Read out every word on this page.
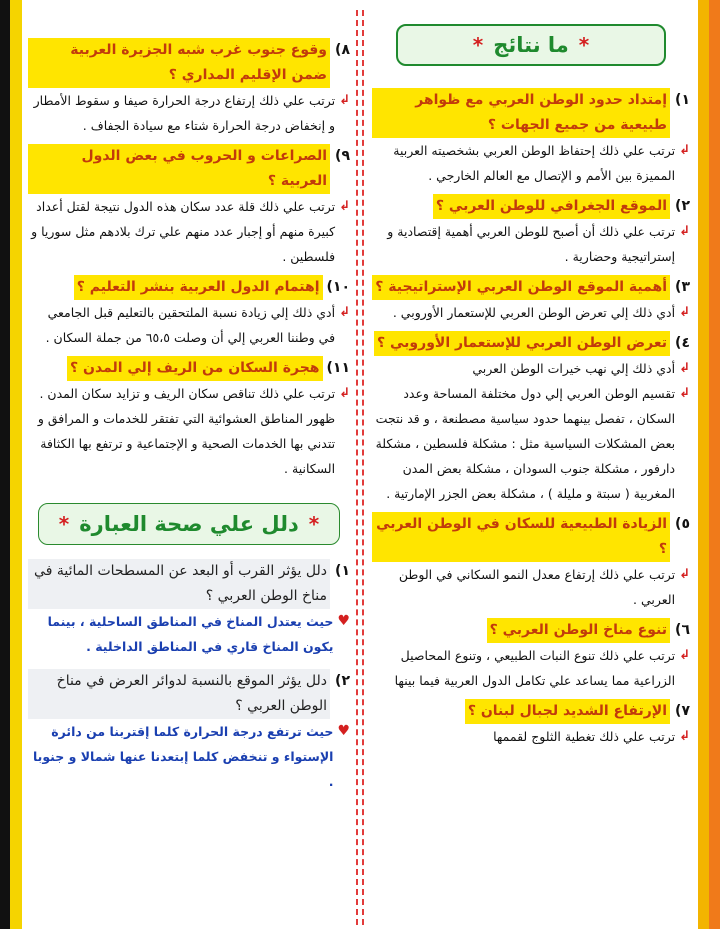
*
ما نتائج
*
١)
إمتداد حدود الوطن العربي مع ظواهر طبيعية من جميع الجهات ؟
↲
ترتب علي ذلك إحتفاظ الوطن العربي بشخصيته العربية المميزة بين الأمم و الإتصال مع العالم الخارجي .
٢)
الموقع الجغرافي للوطن العربي ؟
↲
ترتب علي ذلك أن أصبح للوطن العربي أهمية إقتصادية و إستراتيجية وحضارية .
٣)
أهمية الموقع الوطن العربي الإستراتيجية ؟
↲
أدي ذلك إلي تعرض الوطن العربي للإستعمار الأوروبي .
٤)
تعرض الوطن العربي للإستعمار الأوروبي ؟
↲
أدي ذلك إلي نهب خيرات الوطن العربي
↲
تقسيم الوطن العربي إلي دول مختلفة المساحة وعدد السكان ، تفصل بينهما حدود سياسية مصطنعة ، و قد نتجت بعض المشكلات السياسية مثل : مشكلة فلسطين ، مشكلة دارفور ، مشكلة جنوب السودان ، مشكلة بعض المدن المغربية ( سبتة و مليلة ) ، مشكلة بعض الجزر الإمارتية .
٥)
الزيادة الطبيعية للسكان في الوطن العربي ؟
↲
ترتب علي ذلك إرتفاع معدل النمو السكاني في الوطن العربي .
٦)
تنوع مناخ الوطن العربي ؟
↲
ترتب علي ذلك تنوع النبات الطبيعي ، وتنوع المحاصيل الزراعية مما يساعد علي تكامل الدول العربية فيما بينها
٧)
الإرتفاع الشديد لجبال لبنان ؟
↲
ترتب علي ذلك تغطية الثلوج لقممها
٨)
وقوع جنوب غرب شبه الجزيرة العربية ضمن الإقليم المداري ؟
↲
ترتب علي ذلك إرتفاع درجة الحرارة صيفا و سقوط الأمطار و إنخفاض درجة الحرارة شتاء مع سيادة الجفاف .
٩)
الصراعات و الحروب في بعض الدول العربية ؟
↲
ترتب علي ذلك قلة عدد سكان هذه الدول نتيجة لقتل أعداد كبيرة منهم أو إجبار عدد منهم علي ترك بلادهم مثل سوريا و فلسطين .
١٠)
إهتمام الدول العربية بنشر التعليم ؟
↲
أدي ذلك إلي زيادة نسبة الملتحقين بالتعليم قبل الجامعي في وطننا العربي إلي أن وصلت ٦٥،٥ من جملة السكان .
١١)
هجرة السكان من الريف إلي المدن ؟
↲
ترتب علي ذلك تناقص سكان الريف و تزايد سكان المدن . ظهور المناطق العشوائية التي تفتقر للخدمات و المرافق و تتدني بها الخدمات الصحية و الإجتماعية و ترتفع بها الكثافة السكانية .
*
دلل علي صحة العبارة
*
١)
دلل يؤثر القرب أو البعد عن المسطحات المائية في مناخ الوطن العربي ؟
♥
حيث يعتدل المناخ في المناطق الساحلية ، بينما يكون المناخ قاري في المناطق الداخلية .
٢)
دلل يؤثر الموقع بالنسبة لدوائر العرض في مناخ الوطن العربي ؟
♥
حيث ترتفع درجة الحرارة كلما إقتربنا من دائرة الإستواء و تنخفض كلما إبتعدنا عنها شمالا و جنوبا .
